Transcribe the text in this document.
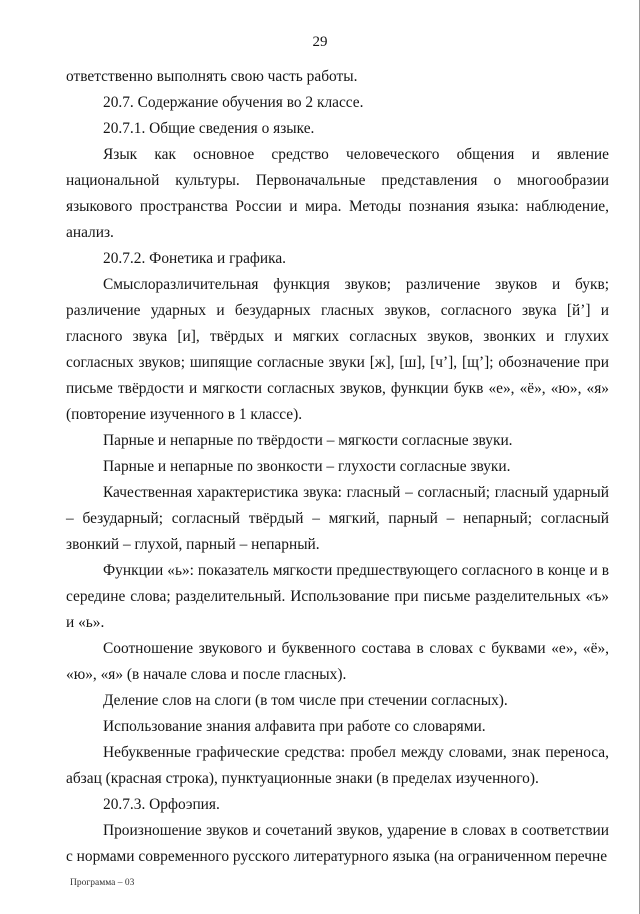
29

ответственно выполнять свою часть работы.

20.7. Содержание обучения во 2 классе.

20.7.1. Общие сведения о языке.

Язык как основное средство человеческого общения и явление национальной культуры. Первоначальные представления о многообразии языкового пространства России и мира. Методы познания языка: наблюдение, анализ.

20.7.2. Фонетика и графика.

Смыслоразличительная функция звуков; различение звуков и букв; различение ударных и безударных гласных звуков, согласного звука [й’] и гласного звука [и], твёрдых и мягких согласных звуков, звонких и глухих согласных звуков; шипящие согласные звуки [ж], [ш], [ч’], [щ’]; обозначение при письме твёрдости и мягкости согласных звуков, функции букв «е», «ё», «ю», «я» (повторение изученного в 1 классе).

Парные и непарные по твёрдости – мягкости согласные звуки.

Парные и непарные по звонкости – глухости согласные звуки.

Качественная характеристика звука: гласный – согласный; гласный ударный – безударный; согласный твёрдый – мягкий, парный – непарный; согласный звонкий – глухой, парный – непарный.

Функции «ь»: показатель мягкости предшествующего согласного в конце и в середине слова; разделительный. Использование при письме разделительных «ъ» и «ь».

Соотношение звукового и буквенного состава в словах с буквами «е», «ё», «ю», «я» (в начале слова и после гласных).

Деление слов на слоги (в том числе при стечении согласных).

Использование знания алфавита при работе со словарями.

Небуквенные графические средства: пробел между словами, знак переноса, абзац (красная строка), пунктуационные знаки (в пределах изученного).

20.7.3. Орфоэпия.

Произношение звуков и сочетаний звуков, ударение в словах в соответствии с нормами современного русского литературного языка (на ограниченном перечне

Программа – 03
